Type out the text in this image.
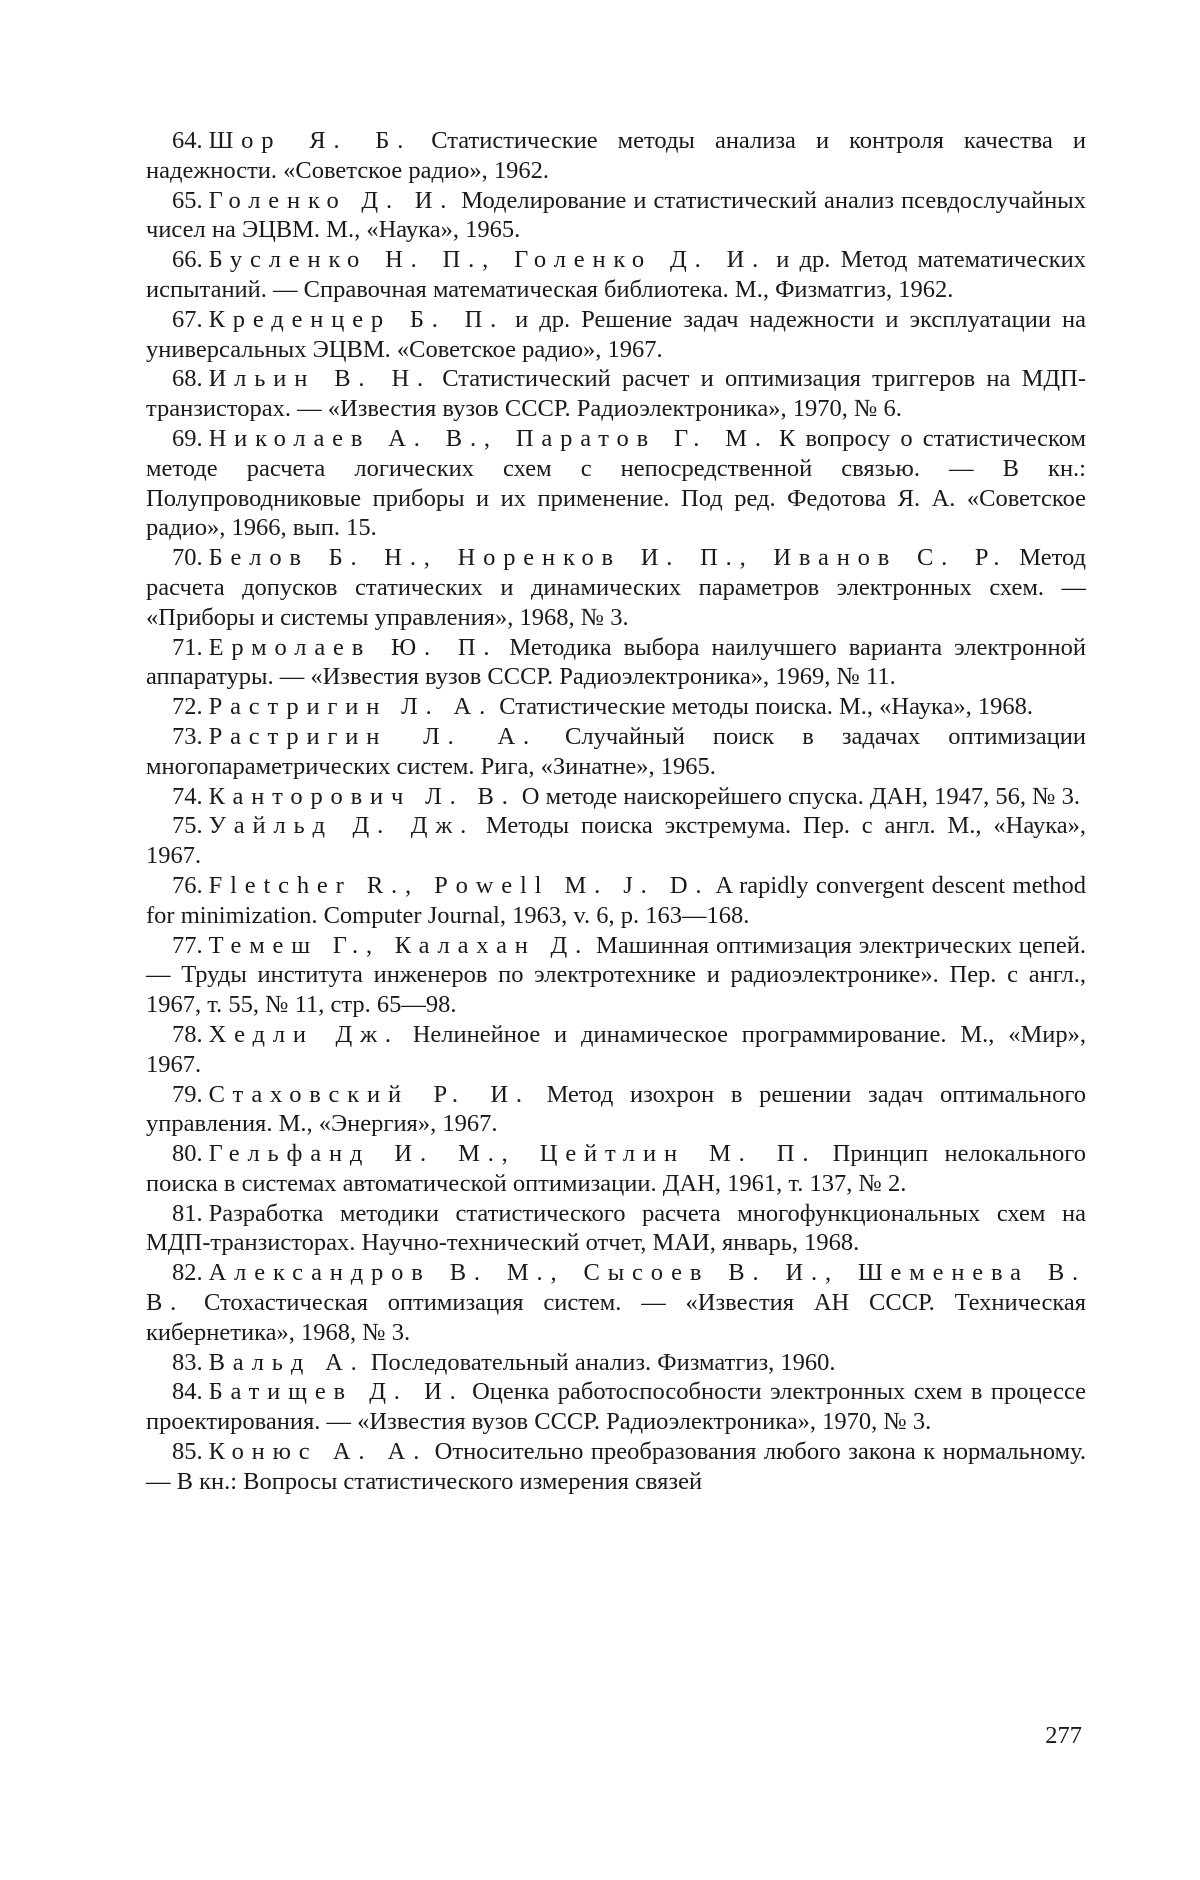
64. Шор Я. Б. Статистические методы анализа и контроля качества и надежности. «Советское радио», 1962.

65. Голенко Д. И. Моделирование и статистический анализ псевдослучайных чисел на ЭЦВМ. М., «Наука», 1965.

66. Бусленко Н. П., Голенко Д. И. и др. Метод математических испытаний. — Справочная математическая библиотека. М., Физматгиз, 1962.

67. Креденцер Б. П. и др. Решение задач надежности и эксплуатации на универсальных ЭЦВМ. «Советское радио», 1967.

68. Ильин В. Н. Статистический расчет и оптимизация триггеров на МДП-транзисторах. — «Известия вузов СССР. Радиоэлектроника», 1970, № 6.

69. Николаев А. В., Паратов Г. М. К вопросу о статистическом методе расчета логических схем с непосредственной связью. — В кн.: Полупроводниковые приборы и их применение. Под ред. Федотова Я. А. «Советское радио», 1966, вып. 15.

70. Белов Б. Н., Норенков И. П., Иванов С. Р. Метод расчета допусков статических и динамических параметров электронных схем. — «Приборы и системы управления», 1968, № 3.

71. Ермолаев Ю. П. Методика выбора наилучшего варианта электронной аппаратуры. — «Известия вузов СССР. Радиоэлектроника», 1969, № 11.

72. Растригин Л. А. Статистические методы поиска. М., «Наука», 1968.

73. Растригин Л. А. Случайный поиск в задачах оптимизации многопараметрических систем. Рига, «Зинатне», 1965.

74. Канторович Л. В. О методе наискорейшего спуска. ДАН, 1947, 56, № 3.

75. Уайльд Д. Дж. Методы поиска экстремума. Пер. с англ. М., «Наука», 1967.

76. Fletcher R., Powell M. J. D. A rapidly convergent descent method for minimization. Computer Journal, 1963, v. 6, p. 163—168.

77. Темеш Г., Калахан Д. Машинная оптимизация электрических цепей. — Труды института инженеров по электротехнике и радиоэлектронике». Пер. с англ., 1967, т. 55, № 11, стр. 65—98.

78. Хедли Дж. Нелинейное и динамическое программирование. М., «Мир», 1967.

79. Стаховский Р. И. Метод изохрон в решении задач оптимального управления. М., «Энергия», 1967.

80. Гельфанд И. М., Цейтлин М. П. Принцип нелокального поиска в системах автоматической оптимизации. ДАН, 1961, т. 137, № 2.

81. Разработка методики статистического расчета многофункциональных схем на МДП-транзисторах. Научно-технический отчет, МАИ, январь, 1968.

82. Александров В. М., Сысоев В. И., Шеменева В. В. Стохастическая оптимизация систем. — «Известия АН СССР. Техническая кибернетика», 1968, № 3.

83. Вальд А. Последовательный анализ. Физматгиз, 1960.

84. Батищев Д. И. Оценка работоспособности электронных схем в процессе проектирования. — «Известия вузов СССР. Радиоэлектроника», 1970, № 3.

85. Конюс А. А. Относительно преобразования любого закона к нормальному. — В кн.: Вопросы статистического измерения связей

277
